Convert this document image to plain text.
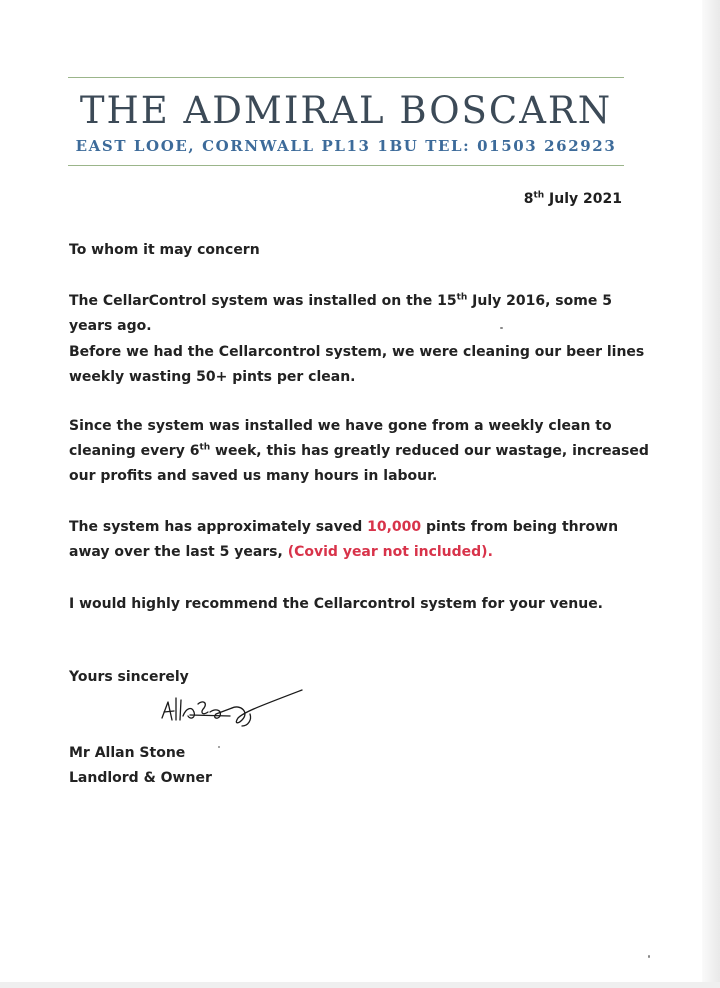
THE ADMIRAL BOSCARN
EAST LOOE, CORNWALL PL13 1BU TEL: 01503 262923
8th July 2021
To whom it may concern
The CellarControl system was installed on the 15th July 2016, some 5 years ago.
Before we had the Cellarcontrol system, we were cleaning our beer lines weekly wasting 50+ pints per clean.
Since the system was installed we have gone from a weekly clean to cleaning every 6th week, this has greatly reduced our wastage, increased our profits and saved us many hours in labour.
The system has approximately saved 10,000 pints from being thrown away over the last 5 years, (Covid year not included).
I would highly recommend the Cellarcontrol system for your venue.
Yours sincerely
Mr Allan Stone
Landlord & Owner
